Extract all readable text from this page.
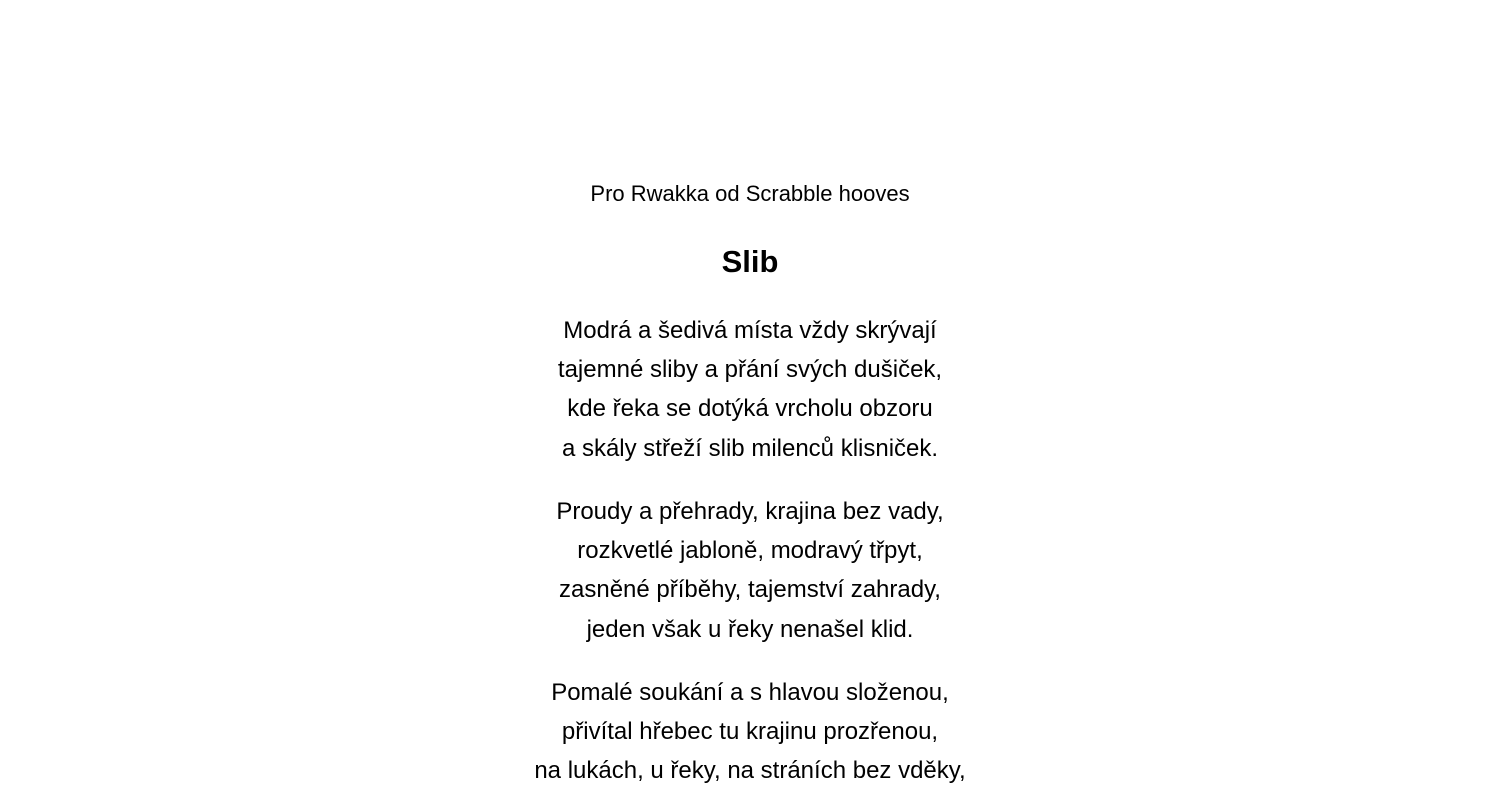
Pro Rwakka od Scrabble hooves
Slib
Modrá a šedivá místa vždy skrývají
tajemné sliby a přání svých dušiček,
kde řeka se dotýká vrcholu obzoru
a skály střeží slib milenců klisniček.
Proudy a přehrady, krajina bez vady,
rozkvetlé jabloně, modravý třpyt,
zasněné příběhy, tajemství zahrady,
jeden však u řeky nenašel klid.
Pomalé soukání a s hlavou složenou,
přivítal hřebec tu krajinu prozřenou,
na lukách, u řeky, na stráních bez vděky,
